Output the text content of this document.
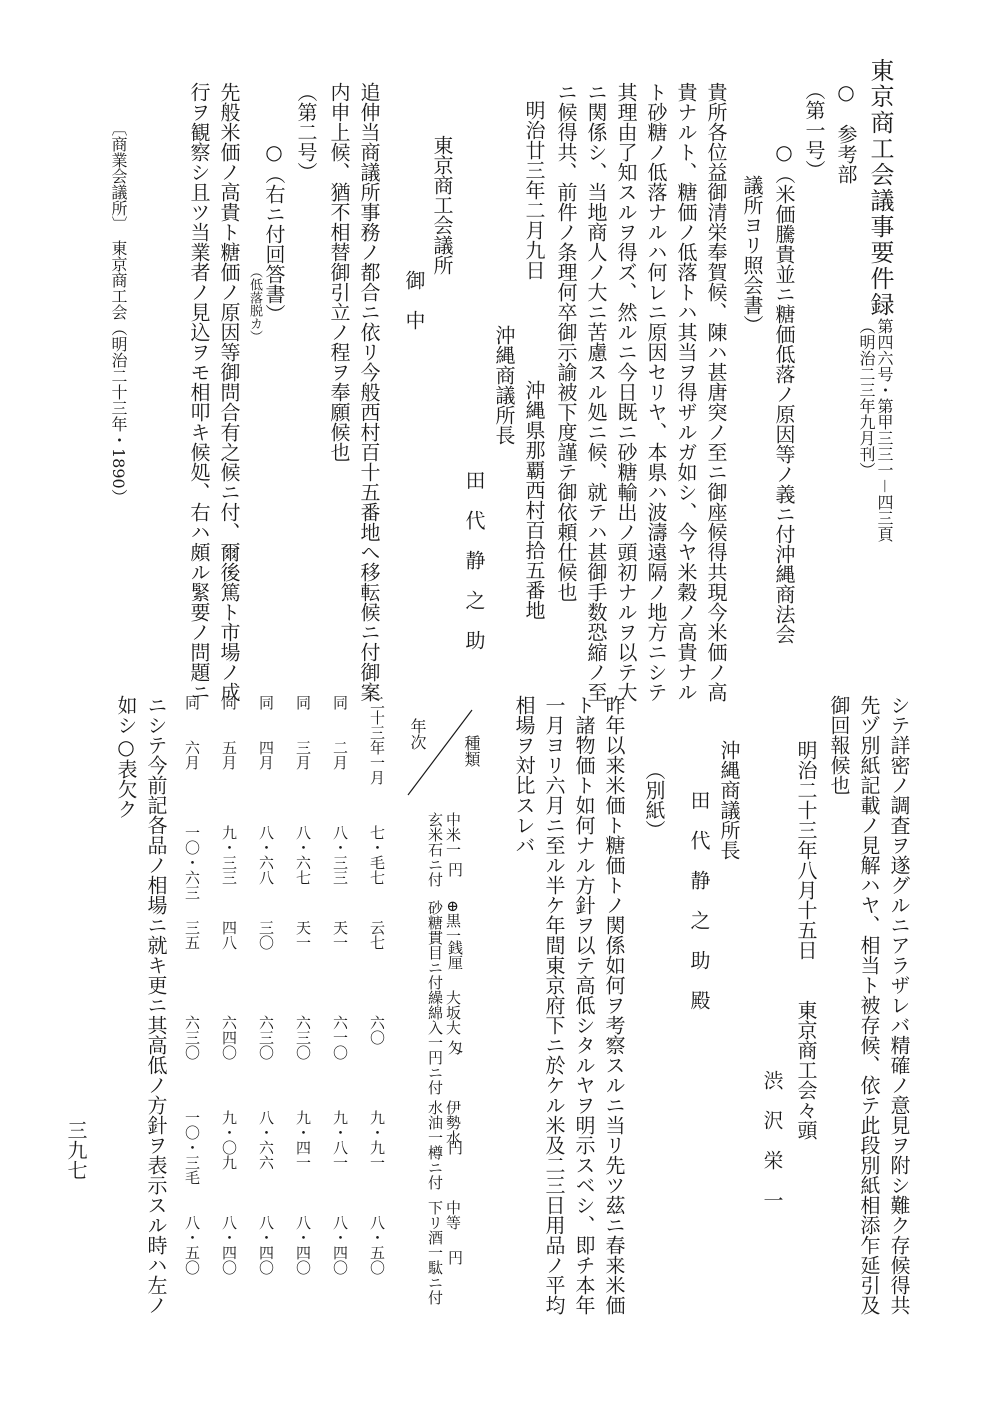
東京商工会議事要件録
第四六号・第甲三三一－四三頁
（明治二三年九月刊）
○　参考部
（第一号）
○（米価騰貴並ニ糖価低落ノ原因等ノ義ニ付沖縄商法会
議所ヨリ照会書）
貴所各位益御清栄奉賀候、陳ハ甚唐突ノ至ニ御座候得共現今米価ノ高
貴ナルト、糖価ノ低落トハ其当ヲ得ザルガ如シ、今ヤ米穀ノ高貴ナル
ト砂糖ノ低落ナルハ何レニ原因セリヤ、本県ハ波濤遠隔ノ地方ニシテ
其理由了知スルヲ得ズ、然ルニ今日既ニ砂糖輸出ノ頭初ナルヲ以テ大
ニ関係シ、当地商人ノ大ニ苦慮スル処ニ候、就テハ甚御手数恐縮ノ至
ニ候得共、前件ノ条理何卒御示諭被下度謹テ御依頼仕候也
明治廿三年二月九日
沖縄県那覇西村百拾五番地
沖縄商議所長
田　代　静　之　助
東京商工会議所
御　中
追伸当商議所事務ノ都合ニ依リ今般西村百十五番地へ移転候ニ付御案
内申上候、猶不相替御引立ノ程ヲ奉願候也
（第二号）
○（右ニ付回答書）
（低落脱カ）
先般米価ノ高貴ト糖価ノ原因等御問合有之候ニ付、爾後篤ト市場ノ成
行ヲ観察シ且ツ当業者ノ見込ヲモ相叩キ候処、右ハ頗ル緊要ノ問題ニ
〔商業会議所〕　東京商工会（明治二十三年・1890）
シテ詳密ノ調査ヲ遂グルニアラザレバ精確ノ意見ヲ附シ難ク存候得共
先ヅ別紙記載ノ見解ハヤ、相当ト被存候、依テ此段別紙相添乍延引及
御回報候也
明治二十三年八月十五日
東京商工会々頭
渋　沢　栄　一
沖縄商議所長
田　代　静　之　助　殿
（別紙）
昨年以来米価ト糖価トノ関係如何ヲ考察スルニ当リ先ツ茲ニ春来米価
ト諸物価ト如何ナル方針ヲ以テ高低シタルヤヲ明示スベシ、即チ本年
一月ヨリ六月ニ至ル半ケ年間東京府下ニ於ケル米及二三日用品ノ平均
相場ヲ対比スレバ
種類
年次
円
中米一
玄米石ニ付
銭厘
⊕黒一
砂糖貫目ニ付
匁
大坂大
繰綿入一円ニ付
円
伊勢水
水油一樽ニ付
円
中等
下リ酒一駄ニ付
二十三年一月
七・毛七
云七
六〇
九・九一
八・五〇
同　　二月
八・三三
天一
六一〇
九・八一
八・四〇
同　　三月
八・六七
天一
六三〇
九・四一
八・四〇
同　　四月
八・六八
三〇
六三〇
八・六六
八・四〇
同　　五月
九・三三
四八
六四〇
九・〇九
八・四〇
同　　六月
一〇・六三
三五
六三〇
一〇・三毛
八・五〇
ニシテ今前記各品ノ相場ニ就キ更ニ其高低ノ方針ヲ表示スル時ハ左ノ
如シ○表欠ク
三九七
